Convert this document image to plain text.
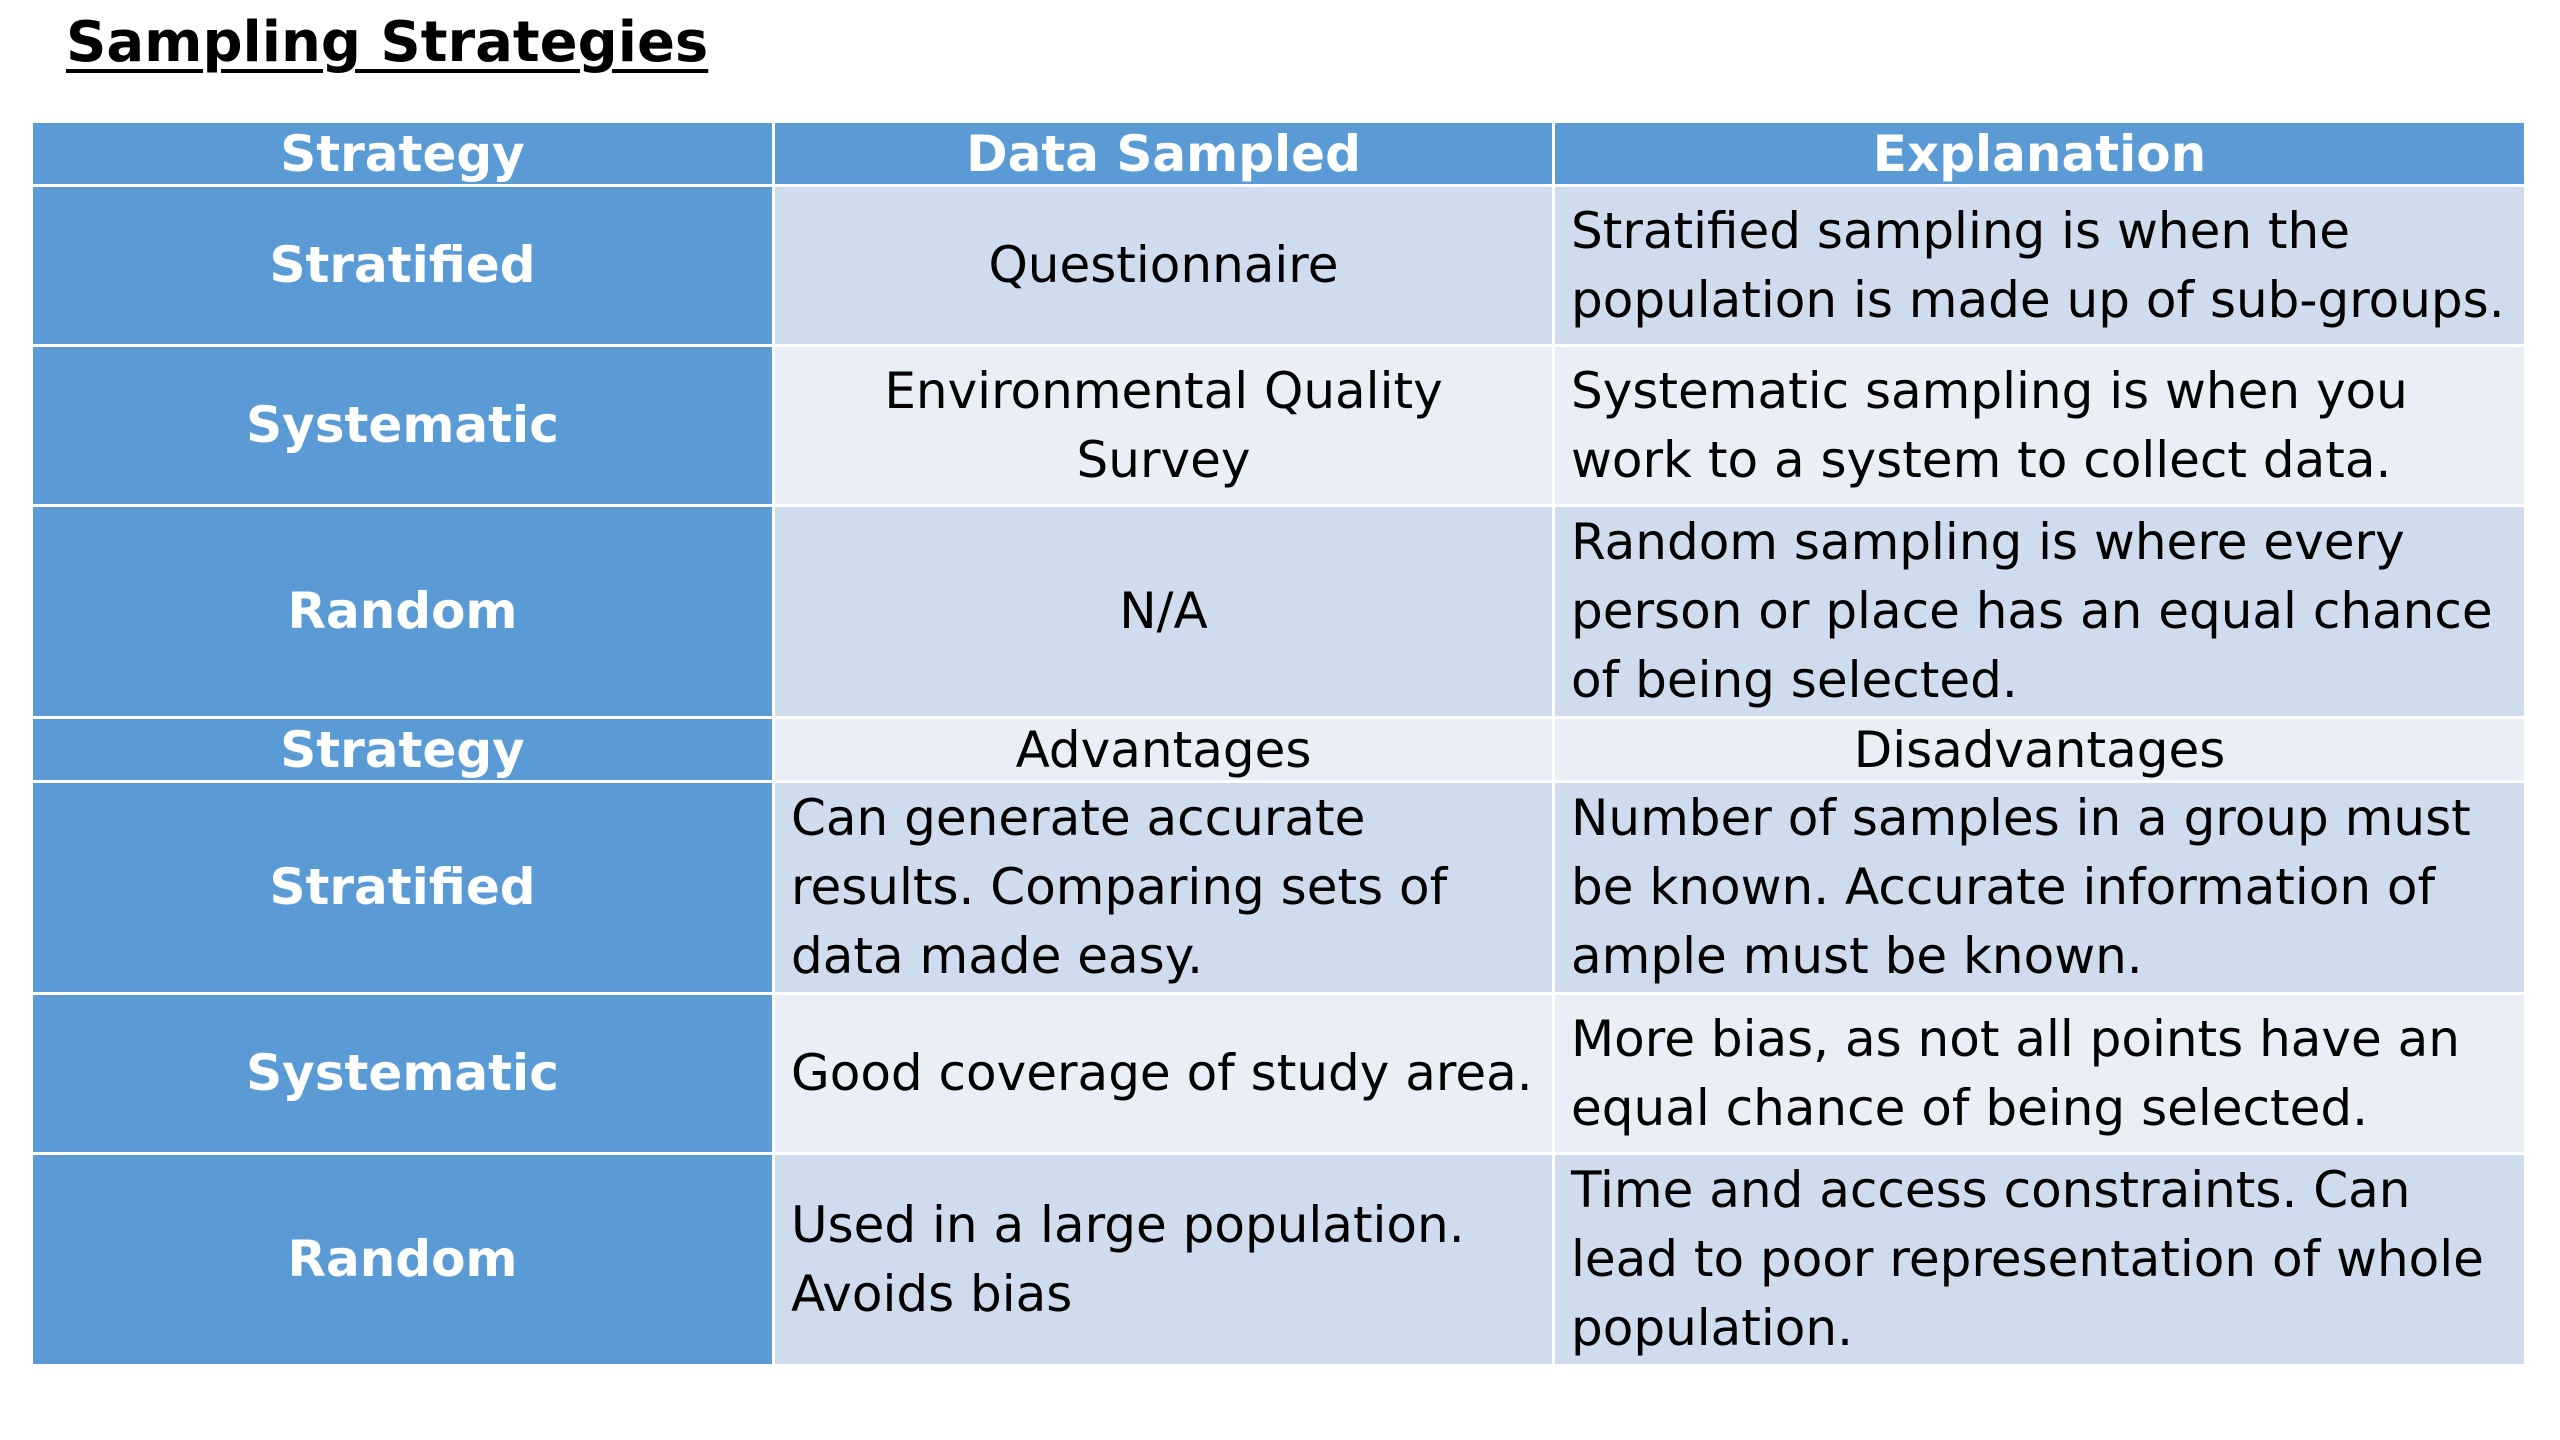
Sampling Strategies
Strategy	Data Sampled	Explanation
Stratified	Questionnaire	Stratified sampling is when the population is made up of sub-groups.
Systematic	Environmental Quality Survey	Systematic sampling is when you work to a system to collect data.
Random	N/A	Random sampling is where every person or place has an equal chance of being selected.
Strategy	Advantages	Disadvantages
Stratified	Can generate accurate results. Comparing sets of data made easy.	Number of samples in a group must be known. Accurate information of ample must be known.
Systematic	Good coverage of study area.	More bias, as not all points have an equal chance of being selected.
Random	Used in a large population. Avoids bias	Time and access constraints. Can lead to poor representation of whole population.
